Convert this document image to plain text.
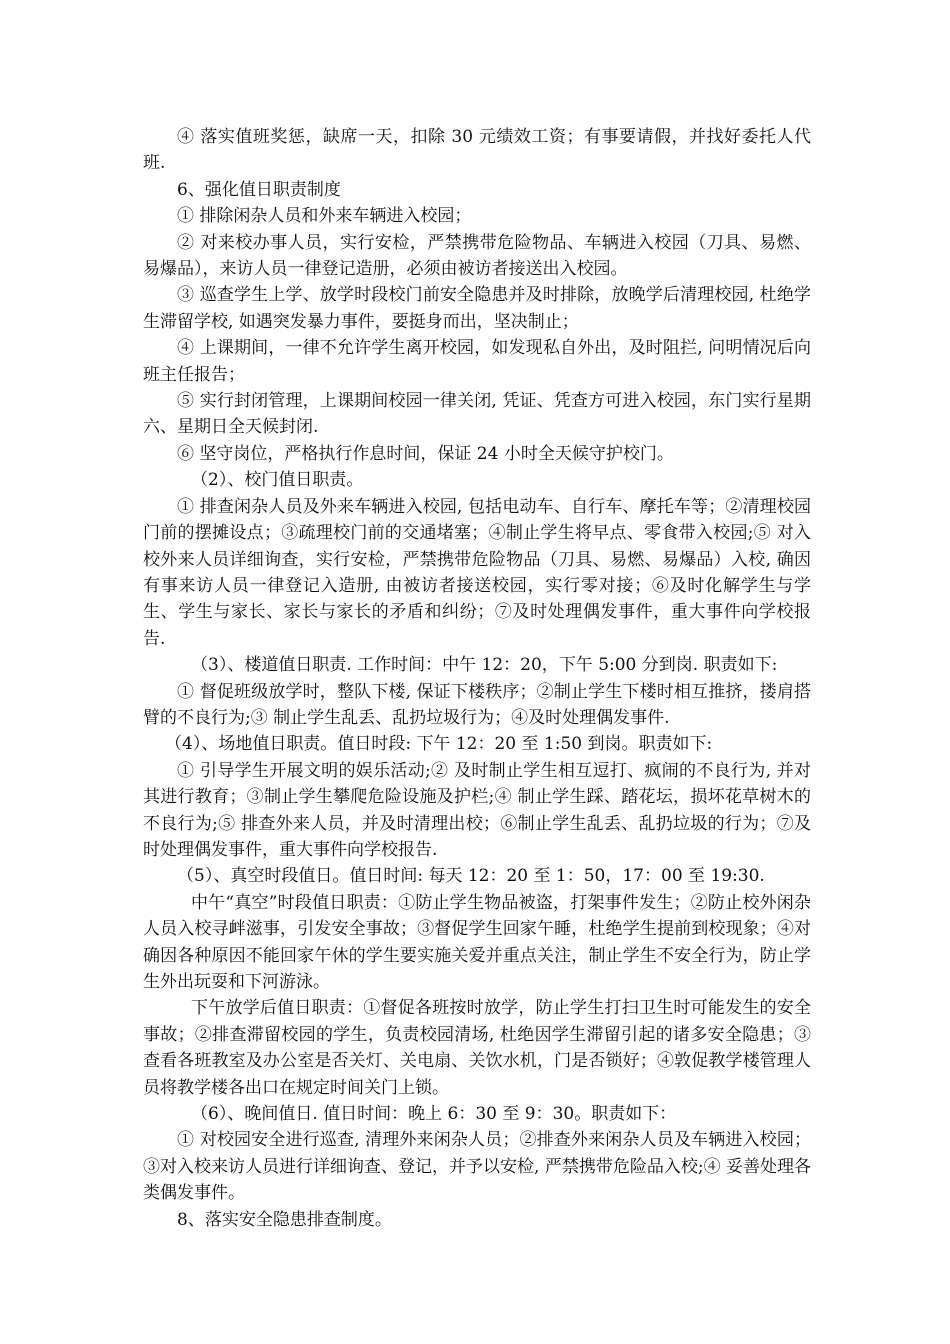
④ 落实值班奖惩，缺席一天，扣除 30 元绩效工资；有事要请假，并找好委托人代班.

6、强化值日职责制度

① 排除闲杂人员和外来车辆进入校园；

② 对来校办事人员，实行安检，严禁携带危险物品、车辆进入校园（刀具、易燃、易爆品），来访人员一律登记造册，必须由被访者接送出入校园。

③ 巡查学生上学、放学时段校门前安全隐患并及时排除，放晚学后清理校园, 杜绝学生滞留学校, 如遇突发暴力事件，要挺身而出，坚决制止；

④ 上课期间，一律不允许学生离开校园，如发现私自外出，及时阻拦, 问明情况后向班主任报告；

⑤ 实行封闭管理，上课期间校园一律关闭, 凭证、凭查方可进入校园，东门实行星期六、星期日全天候封闭.

⑥ 坚守岗位，严格执行作息时间，保证 24 小时全天候守护校门。

（2）、校门值日职责。

① 排查闲杂人员及外来车辆进入校园, 包括电动车、自行车、摩托车等；②清理校园门前的摆摊设点；③疏理校门前的交通堵塞；④制止学生将早点、零食带入校园;⑤ 对入校外来人员详细询查，实行安检，严禁携带危险物品（刀具、易燃、易爆品）入校, 确因有事来访人员一律登记入造册, 由被访者接送校园，实行零对接；⑥及时化解学生与学生、学生与家长、家长与家长的矛盾和纠纷；⑦及时处理偶发事件，重大事件向学校报告.

（3）、楼道值日职责. 工作时间：中午 12：20，下午 5:00 分到岗. 职责如下:

① 督促班级放学时，整队下楼, 保证下楼秩序；②制止学生下楼时相互推挤，搂肩搭臂的不良行为;③ 制止学生乱丢、乱扔垃圾行为；④及时处理偶发事件.

（4）、场地值日职责。值日时段: 下午 12：20 至 1:50 到岗。职责如下:

① 引导学生开展文明的娱乐活动;② 及时制止学生相互逗打、疯闹的不良行为, 并对其进行教育；③制止学生攀爬危险设施及护栏;④ 制止学生踩、踏花坛，损坏花草树木的不良行为;⑤ 排查外来人员，并及时清理出校；⑥制止学生乱丢、乱扔垃圾的行为；⑦及时处理偶发事件，重大事件向学校报告.

（5）、真空时段值日。值日时间: 每天 12：20 至 1：50，17：00 至 19:30.

中午“真空”时段值日职责：①防止学生物品被盗，打架事件发生；②防止校外闲杂人员入校寻衅滋事，引发安全事故；③督促学生回家午睡，杜绝学生提前到校现象；④对确因各种原因不能回家午休的学生要实施关爱并重点关注，制止学生不安全行为，防止学生外出玩耍和下河游泳。

下午放学后值日职责：①督促各班按时放学，防止学生打扫卫生时可能发生的安全事故；②排查滞留校园的学生，负责校园清场, 杜绝因学生滞留引起的诸多安全隐患；③查看各班教室及办公室是否关灯、关电扇、关饮水机，门是否锁好；④敦促教学楼管理人员将教学楼各出口在规定时间关门上锁。

（6）、晚间值日. 值日时间：晚上 6：30 至 9：30。职责如下：

① 对校园安全进行巡查, 清理外来闲杂人员；②排查外来闲杂人员及车辆进入校园；③对入校来访人员进行详细询查、登记，并予以安检, 严禁携带危险品入校;④ 妥善处理各类偶发事件。

8、落实安全隐患排查制度。
